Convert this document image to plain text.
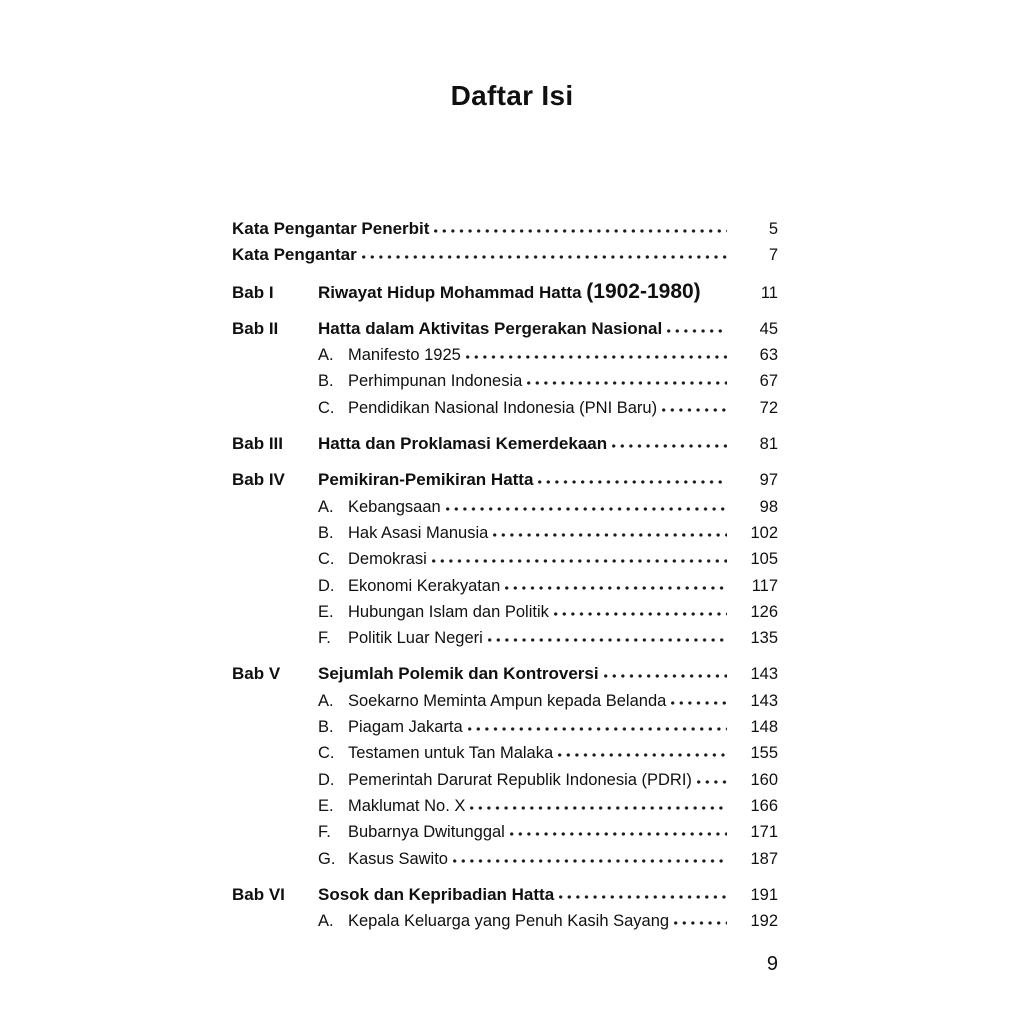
Daftar Isi
Kata Pengantar Penerbit	5
Kata Pengantar	7
Bab I	Riwayat Hidup Mohammad Hatta (1902-1980)	11
Bab II	Hatta dalam Aktivitas Pergerakan Nasional	45
A. Manifesto 1925	63
B. Perhimpunan Indonesia	67
C. Pendidikan Nasional Indonesia (PNI Baru)	72
Bab III	Hatta dan Proklamasi Kemerdekaan	81
Bab IV	Pemikiran-Pemikiran Hatta	97
A. Kebangsaan	98
B. Hak Asasi Manusia	102
C. Demokrasi	105
D. Ekonomi Kerakyatan	117
E. Hubungan Islam dan Politik	126
F.	Politik Luar Negeri	135
Bab V	Sejumlah Polemik dan Kontroversi	143
A. Soekarno Meminta Ampun kepada Belanda	143
B. Piagam Jakarta	148
C. Testamen untuk Tan Malaka	155
D. Pemerintah Darurat Republik Indonesia (PDRI)	160
E. Maklumat No. X	166
F.	Bubarnya Dwitunggal	171
G. Kasus Sawito	187
Bab VI	Sosok dan Kepribadian Hatta	191
A. Kepala Keluarga yang Penuh Kasih Sayang	192
9
